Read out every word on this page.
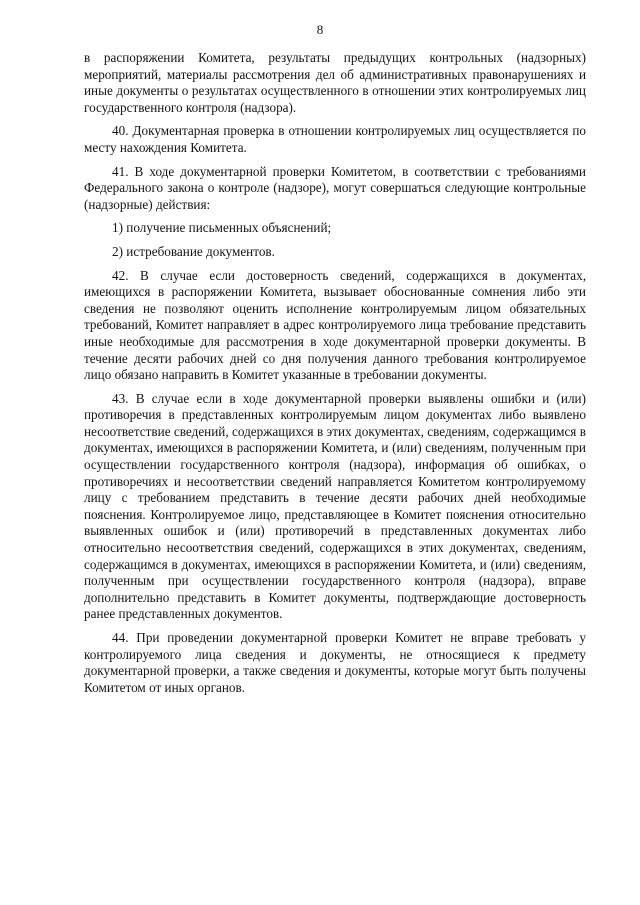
8

в распоряжении Комитета, результаты предыдущих контрольных (надзорных) мероприятий, материалы рассмотрения дел об административных правонарушениях и иные документы о результатах осуществленного в отношении этих контролируемых лиц государственного контроля (надзора).

40. Документарная проверка в отношении контролируемых лиц осуществляется по месту нахождения Комитета.

41. В ходе документарной проверки Комитетом, в соответствии с требованиями Федерального закона о контроле (надзоре), могут совершаться следующие контрольные (надзорные) действия:

1) получение письменных объяснений;

2) истребование документов.

42. В случае если достоверность сведений, содержащихся в документах, имеющихся в распоряжении Комитета, вызывает обоснованные сомнения либо эти сведения не позволяют оценить исполнение контролируемым лицом обязательных требований, Комитет направляет в адрес контролируемого лица требование представить иные необходимые для рассмотрения в ходе документарной проверки документы. В течение десяти рабочих дней со дня получения данного требования контролируемое лицо обязано направить в Комитет указанные в требовании документы.

43. В случае если в ходе документарной проверки выявлены ошибки и (или) противоречия в представленных контролируемым лицом документах либо выявлено несоответствие сведений, содержащихся в этих документах, сведениям, содержащимся в документах, имеющихся в распоряжении Комитета, и (или) сведениям, полученным при осуществлении государственного контроля (надзора), информация об ошибках, о противоречиях и несоответствии сведений направляется Комитетом контролируемому лицу с требованием представить в течение десяти рабочих дней необходимые пояснения. Контролируемое лицо, представляющее в Комитет пояснения относительно выявленных ошибок и (или) противоречий в представленных документах либо относительно несоответствия сведений, содержащихся в этих документах, сведениям, содержащимся в документах, имеющихся в распоряжении Комитета, и (или) сведениям, полученным при осуществлении государственного контроля (надзора), вправе дополнительно представить в Комитет документы, подтверждающие достоверность ранее представленных документов.

44. При проведении документарной проверки Комитет не вправе требовать у контролируемого лица сведения и документы, не относящиеся к предмету документарной проверки, а также сведения и документы, которые могут быть получены Комитетом от иных органов.
